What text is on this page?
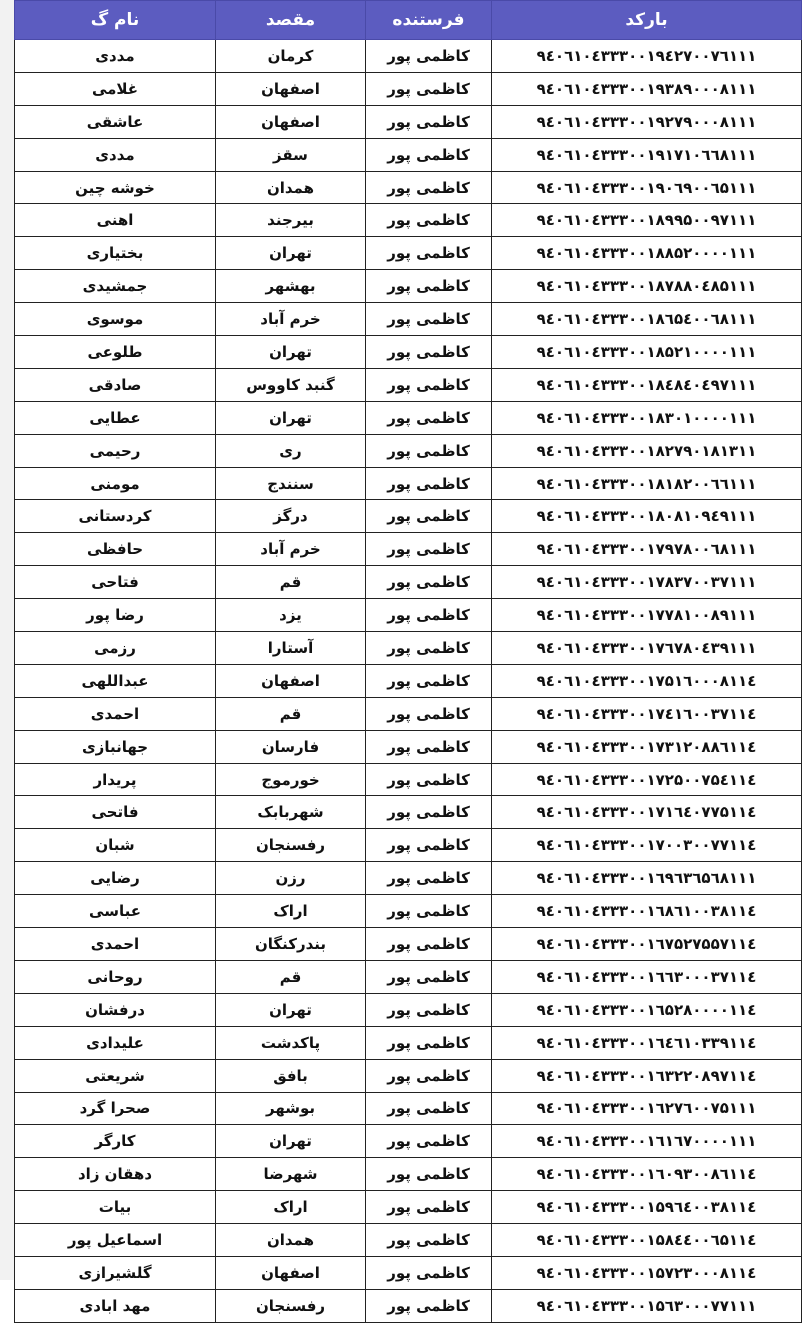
بارکد	فرستنده	مقصد	نام گ
۹٤۰٦۱۰٤۳۳۳۰۰۱۹٤۲۷۰۰۷٦۱۱۱	کاظمی پور	کرمان	مددی
۹٤۰٦۱۰٤۳۳۳۰۰۱۹۳۸۹۰۰۰۸۱۱۱	کاظمی پور	اصفهان	غلامی
۹٤۰٦۱۰٤۳۳۳۰۰۱۹۲۷۹۰۰۰۸۱۱۱	کاظمی پور	اصفهان	عاشقی
۹٤۰٦۱۰٤۳۳۳۰۰۱۹۱۷۱۰٦٦۸۱۱۱	کاظمی پور	سقز	مددی
۹٤۰٦۱۰٤۳۳۳۰۰۱۹۰٦۹۰۰٦۵۱۱۱	کاظمی پور	همدان	خوشه چین
۹٤۰٦۱۰٤۳۳۳۰۰۱۸۹۹۵۰۰۹۷۱۱۱	کاظمی پور	بیرجند	اهنی
۹٤۰٦۱۰٤۳۳۳۰۰۱۸۸۵۲۰۰۰۰۱۱۱	کاظمی پور	تهران	بختیاری
۹٤۰٦۱۰٤۳۳۳۰۰۱۸۷۸۸۰٤۸۵۱۱۱	کاظمی پور	بهشهر	جمشیدی
۹٤۰٦۱۰٤۳۳۳۰۰۱۸٦۵٤۰۰٦۸۱۱۱	کاظمی پور	خرم آباد	موسوی
۹٤۰٦۱۰٤۳۳۳۰۰۱۸۵۲۱۰۰۰۰۱۱۱	کاظمی پور	تهران	طلوعی
۹٤۰٦۱۰٤۳۳۳۰۰۱۸٤۸٤۰٤۹۷۱۱۱	کاظمی پور	گنبد کاووس	صادقی
۹٤۰٦۱۰٤۳۳۳۰۰۱۸۳۰۱۰۰۰۰۱۱۱	کاظمی پور	تهران	عطایی
۹٤۰٦۱۰٤۳۳۳۰۰۱۸۲۷۹۰۱۸۱۳۱۱	کاظمی پور	ری	رحیمی
۹٤۰٦۱۰٤۳۳۳۰۰۱۸۱۸۲۰۰٦٦۱۱۱	کاظمی پور	سنندج	مومنی
۹٤۰٦۱۰٤۳۳۳۰۰۱۸۰۸۱۰۹٤۹۱۱۱	کاظمی پور	درگز	کردستانی
۹٤۰٦۱۰٤۳۳۳۰۰۱۷۹۷۸۰۰٦۸۱۱۱	کاظمی پور	خرم آباد	حافظی
۹٤۰٦۱۰٤۳۳۳۰۰۱۷۸۳۷۰۰۳۷۱۱۱	کاظمی پور	قم	فتاحی
۹٤۰٦۱۰٤۳۳۳۰۰۱۷۷۸۱۰۰۸۹۱۱۱	کاظمی پور	یزد	رضا پور
۹٤۰٦۱۰٤۳۳۳۰۰۱۷٦۷۸۰٤۳۹۱۱۱	کاظمی پور	آستارا	رزمی
۹٤۰٦۱۰٤۳۳۳۰۰۱۷۵۱٦۰۰۰۸۱۱٤	کاظمی پور	اصفهان	عبداللهی
۹٤۰٦۱۰٤۳۳۳۰۰۱۷٤۱٦۰۰۳۷۱۱٤	کاظمی پور	قم	احمدی
۹٤۰٦۱۰٤۳۳۳۰۰۱۷۳۱۲۰۸۸٦۱۱٤	کاظمی پور	فارسان	جهانبازی
۹٤۰٦۱۰٤۳۳۳۰۰۱۷۲۵۰۰۷۵٤۱۱٤	کاظمی پور	خورموج	پریدار
۹٤۰٦۱۰٤۳۳۳۰۰۱۷۱٦٤۰۷۷۵۱۱٤	کاظمی پور	شهربابک	فاتحی
۹٤۰٦۱۰٤۳۳۳۰۰۱۷۰۰۳۰۰۷۷۱۱٤	کاظمی پور	رفسنجان	شبان
۹٤۰٦۱۰٤۳۳۳۰۰۱٦۹٦۳٦۵٦۸۱۱۱	کاظمی پور	رزن	رضایی
۹٤۰٦۱۰٤۳۳۳۰۰۱٦۸٦۱۰۰۳۸۱۱٤	کاظمی پور	اراک	عباسی
۹٤۰٦۱۰٤۳۳۳۰۰۱٦۷۵۲۷۵۵۷۱۱٤	کاظمی پور	بندرکنگان	احمدی
۹٤۰٦۱۰٤۳۳۳۰۰۱٦٦۳۰۰۰۳۷۱۱٤	کاظمی پور	قم	روحانی
۹٤۰٦۱۰٤۳۳۳۰۰۱٦۵۲۸۰۰۰۰۱۱٤	کاظمی پور	تهران	درفشان
۹٤۰٦۱۰٤۳۳۳۰۰۱٦٤٦۱۰۳۳۹۱۱٤	کاظمی پور	پاکدشت	علیدادی
۹٤۰٦۱۰٤۳۳۳۰۰۱٦۳۲۲۰۸۹۷۱۱٤	کاظمی پور	بافق	شریعتی
۹٤۰٦۱۰٤۳۳۳۰۰۱٦۲۷٦۰۰۷۵۱۱۱	کاظمی پور	بوشهر	صحرا گرد
۹٤۰٦۱۰٤۳۳۳۰۰۱٦۱٦۷۰۰۰۰۱۱۱	کاظمی پور	تهران	کارگر
۹٤۰٦۱۰٤۳۳۳۰۰۱٦۰۹۳۰۰۸٦۱۱٤	کاظمی پور	شهرضا	دهقان زاد
۹٤۰٦۱۰٤۳۳۳۰۰۱۵۹٦٤۰۰۳۸۱۱٤	کاظمی پور	اراک	بیات
۹٤۰٦۱۰٤۳۳۳۰۰۱۵۸٤٤۰۰٦۵۱۱٤	کاظمی پور	همدان	اسماعیل پور
۹٤۰٦۱۰٤۳۳۳۰۰۱۵۷۲۳۰۰۰۸۱۱٤	کاظمی پور	اصفهان	گلشیرازی
۹٤۰٦۱۰٤۳۳۳۰۰۱۵٦۳۰۰۰۷۷۱۱۱	کاظمی پور	رفسنجان	مهد ابادی
